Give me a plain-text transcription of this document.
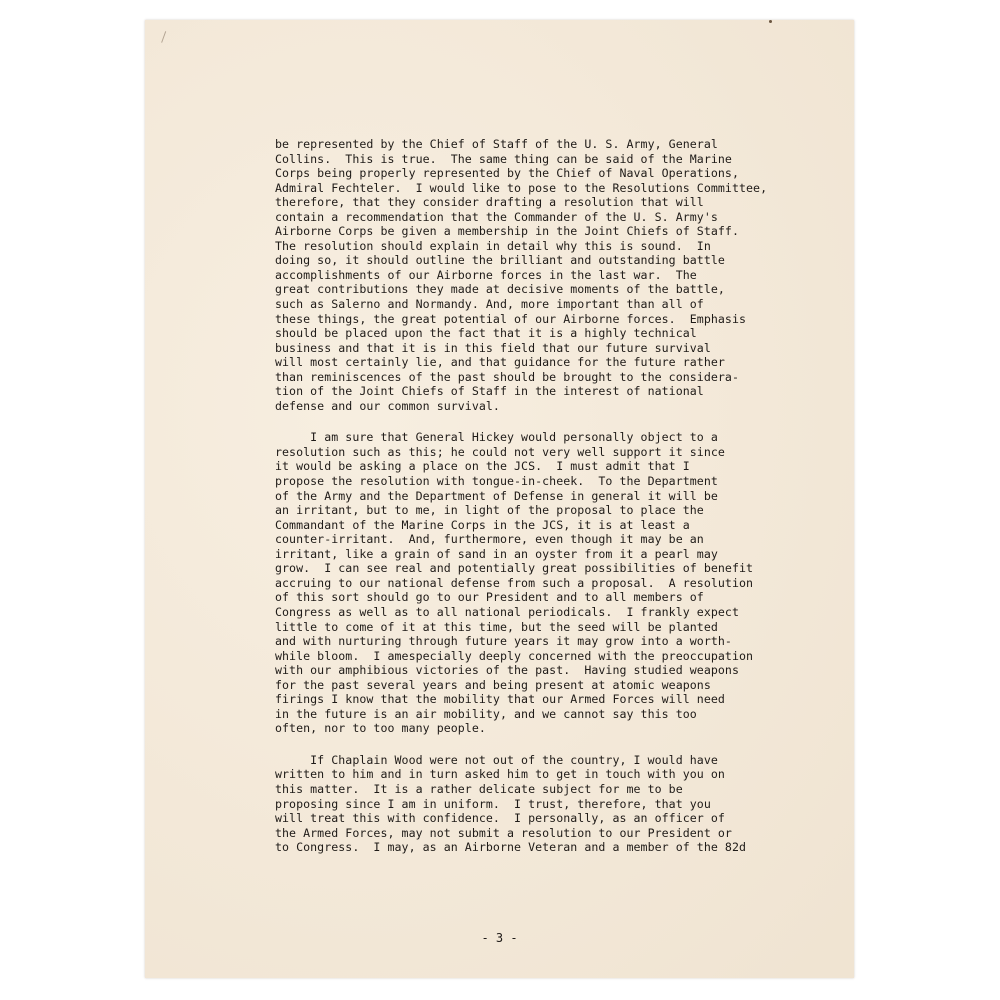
be represented by the Chief of Staff of the U. S. Army, General
Collins.  This is true.  The same thing can be said of the Marine
Corps being properly represented by the Chief of Naval Operations,
Admiral Fechteler.  I would like to pose to the Resolutions Committee,
therefore, that they consider drafting a resolution that will
contain a recommendation that the Commander of the U. S. Army's
Airborne Corps be given a membership in the Joint Chiefs of Staff.
The resolution should explain in detail why this is sound.  In
doing so, it should outline the brilliant and outstanding battle
accomplishments of our Airborne forces in the last war.  The
great contributions they made at decisive moments of the battle,
such as Salerno and Normandy. And, more important than all of
these things, the great potential of our Airborne forces.  Emphasis
should be placed upon the fact that it is a highly technical
business and that it is in this field that our future survival
will most certainly lie, and that guidance for the future rather
than reminiscences of the past should be brought to the considera-
tion of the Joint Chiefs of Staff in the interest of national
defense and our common survival.
I am sure that General Hickey would personally object to a
resolution such as this; he could not very well support it since
it would be asking a place on the JCS.  I must admit that I
propose the resolution with tongue-in-cheek.  To the Department
of the Army and the Department of Defense in general it will be
an irritant, but to me, in light of the proposal to place the
Commandant of the Marine Corps in the JCS, it is at least a
counter-irritant.  And, furthermore, even though it may be an
irritant, like a grain of sand in an oyster from it a pearl may
grow.  I can see real and potentially great possibilities of benefit
accruing to our national defense from such a proposal.  A resolution
of this sort should go to our President and to all members of
Congress as well as to all national periodicals.  I frankly expect
little to come of it at this time, but the seed will be planted
and with nurturing through future years it may grow into a worth-
while bloom.  I amespecially deeply concerned with the preoccupation
with our amphibious victories of the past.  Having studied weapons
for the past several years and being present at atomic weapons
firings I know that the mobility that our Armed Forces will need
in the future is an air mobility, and we cannot say this too
often, nor to too many people.
If Chaplain Wood were not out of the country, I would have
written to him and in turn asked him to get in touch with you on
this matter.  It is a rather delicate subject for me to be
proposing since I am in uniform.  I trust, therefore, that you
will treat this with confidence.  I personally, as an officer of
the Armed Forces, may not submit a resolution to our President or
to Congress.  I may, as an Airborne Veteran and a member of the 82d
- 3 -
